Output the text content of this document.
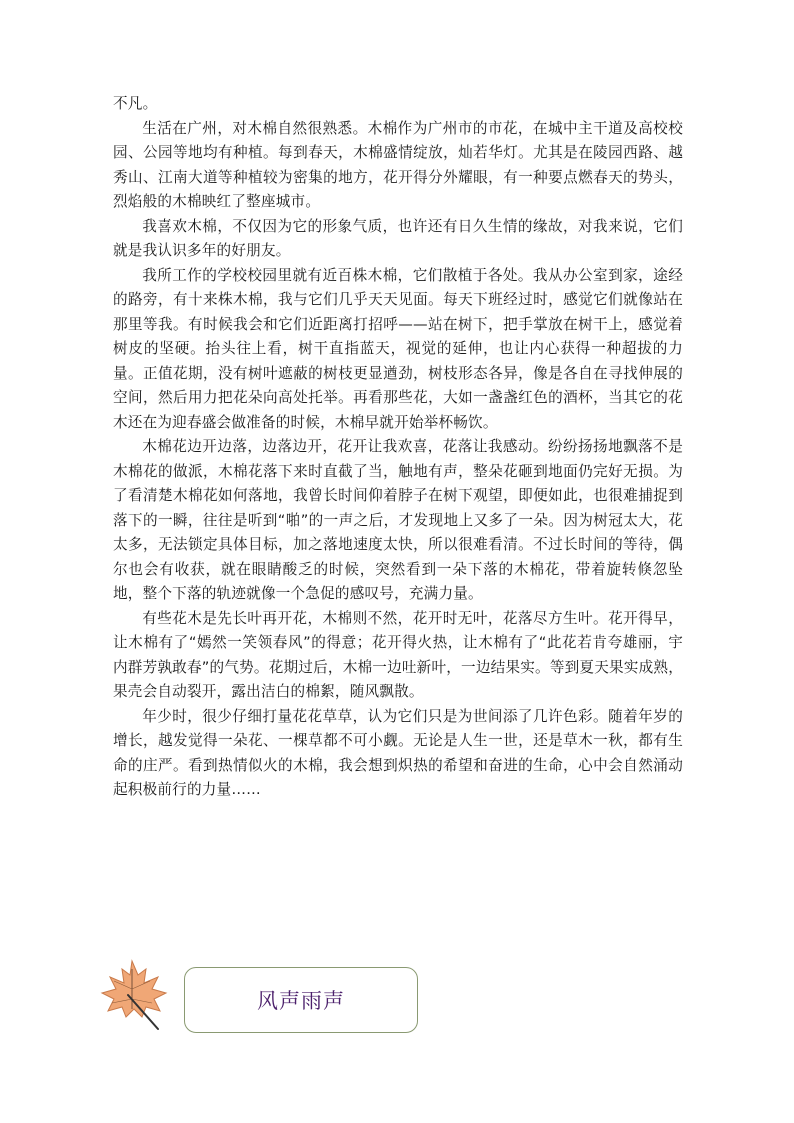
不凡。

生活在广州，对木棉自然很熟悉。木棉作为广州市的市花，在城中主干道及高校校园、公园等地均有种植。每到春天，木棉盛情绽放，灿若华灯。尤其是在陵园西路、越秀山、江南大道等种植较为密集的地方，花开得分外耀眼，有一种要点燃春天的势头，烈焰般的木棉映红了整座城市。

我喜欢木棉，不仅因为它的形象气质，也许还有日久生情的缘故，对我来说，它们就是我认识多年的好朋友。

我所工作的学校校园里就有近百株木棉，它们散植于各处。我从办公室到家，途经的路旁，有十来株木棉，我与它们几乎天天见面。每天下班经过时，感觉它们就像站在那里等我。有时候我会和它们近距离打招呼——站在树下，把手掌放在树干上，感觉着树皮的坚硬。抬头往上看，树干直指蓝天，视觉的延伸，也让内心获得一种超拔的力量。正值花期，没有树叶遮蔽的树枝更显遒劲，树枝形态各异，像是各自在寻找伸展的空间，然后用力把花朵向高处托举。再看那些花，大如一盏盏红色的酒杯，当其它的花木还在为迎春盛会做准备的时候，木棉早就开始举杯畅饮。

木棉花边开边落，边落边开，花开让我欢喜，花落让我感动。纷纷扬扬地飘落不是木棉花的做派，木棉花落下来时直截了当，触地有声，整朵花砸到地面仍完好无损。为了看清楚木棉花如何落地，我曾长时间仰着脖子在树下观望，即便如此，也很难捕捉到落下的一瞬，往往是听到“啪”的一声之后，才发现地上又多了一朵。因为树冠太大，花太多，无法锁定具体目标，加之落地速度太快，所以很难看清。不过长时间的等待，偶尔也会有收获，就在眼睛酸乏的时候，突然看到一朵下落的木棉花，带着旋转倏忽坠地，整个下落的轨迹就像一个急促的感叹号，充满力量。

有些花木是先长叶再开花，木棉则不然，花开时无叶，花落尽方生叶。花开得早，让木棉有了“嫣然一笑领春风”的得意；花开得火热，让木棉有了“此花若肯夸雄丽，宇内群芳孰敢春”的气势。花期过后，木棉一边吐新叶，一边结果实。等到夏天果实成熟，果壳会自动裂开，露出洁白的棉絮，随风飘散。

年少时，很少仔细打量花花草草，认为它们只是为世间添了几许色彩。随着年岁的增长，越发觉得一朵花、一棵草都不可小觑。无论是人生一世，还是草木一秋，都有生命的庄严。看到热情似火的木棉，我会想到炽热的希望和奋进的生命，心中会自然涌动起积极前行的力量……

风声雨声
